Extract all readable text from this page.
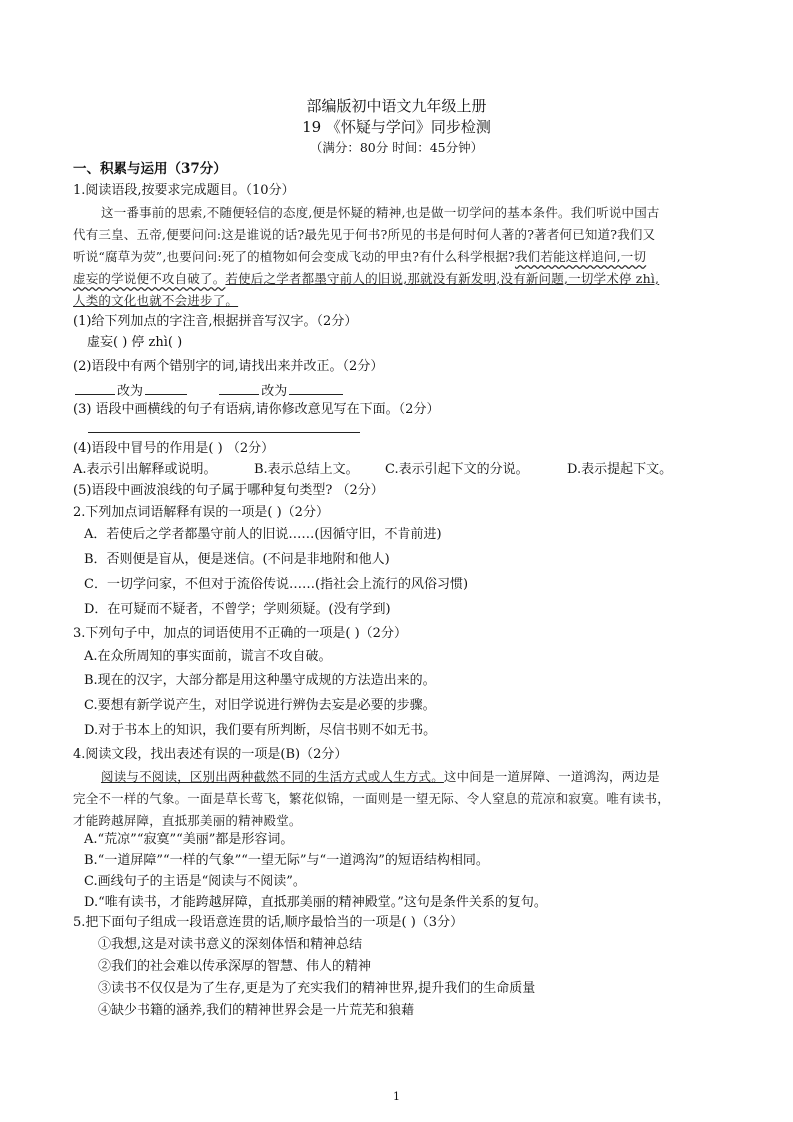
部编版初中语文九年级上册
19 《怀疑与学问》同步检测
（满分：80分 时间：45分钟）
一、积累与运用（37分）
1.阅读语段,按要求完成题目。（10分）
这一番事前的思索,不随便轻信的态度,便是怀疑的精神,也是做一切学问的基本条件。我们听说中国古
代有三皇、五帝,便要问问:这是谁说的话?最先见于何书?所见的书是何时何人著的?著者何已知道?我们又
听说“腐草为荧”,也要问问:死了的植物如何会变成飞动的甲虫?有什么科学根据?我们若能这样追问,一切
虚妄的学说便不攻自破了。若使后之学者都墨守前人的旧说,那就没有新发明,没有新问题,一切学术停 zhì,
人类的文化也就不会进步了。
(1)给下列加点的字注音,根据拼音写汉字。（2分）
虚妄( ) 停 zhì( )
(2)语段中有两个错别字的词,请找出来并改正。（2分）
改为	改为
(3) 语段中画横线的句子有语病,请你修改意见写在下面。（2分）
(4)语段中冒号的作用是( ) （2分）
A.表示引出解释或说明。	B.表示总结上文。 C.表示引起下文的分说。	D.表示提起下文。
(5)语段中画波浪线的句子属于哪种复句类型? （2分）
2.下列加点词语解释有误的一项是( )（2分）
A．若使后之学者都墨守前人的旧说……(因循守旧，不肯前进)
B．否则便是盲从，便是迷信。(不问是非地附和他人)
C．一切学问家，不但对于流俗传说……(指社会上流行的风俗习惯)
D．在可疑而不疑者，不曾学；学则须疑。(没有学到)
3.下列句子中，加点的词语使用不正确的一项是( )（2分）
A.在众所周知的事实面前，谎言不攻自破。
B.现在的汉字，大部分都是用这种墨守成规的方法造出来的。
C.要想有新学说产生，对旧学说进行辨伪去妄是必要的步骤。
D.对于书本上的知识，我们要有所判断，尽信书则不如无书。
4.阅读文段，找出表述有误的一项是(B)（2分）
阅读与不阅读，区别出两种截然不同的生活方式或人生方式。这中间是一道屏障、一道鸿沟，两边是
完全不一样的气象。一面是草长莺飞，繁花似锦，一面则是一望无际、令人窒息的荒凉和寂寞。唯有读书，
才能跨越屏障，直抵那美丽的精神殿堂。
A.“荒凉”“寂寞”“美丽”都是形容词。
B.“一道屏障”“一样的气象”“一望无际”与“一道鸿沟”的短语结构相同。
C.画线句子的主语是“阅读与不阅读”。
D.“唯有读书，才能跨越屏障，直抵那美丽的精神殿堂。”这句是条件关系的复句。
5.把下面句子组成一段语意连贯的话,顺序最恰当的一项是( )（3分）
①我想,这是对读书意义的深刻体悟和精神总结
②我们的社会难以传承深厚的智慧、伟人的精神
③读书不仅仅是为了生存,更是为了充实我们的精神世界,提升我们的生命质量
④缺少书籍的涵养,我们的精神世界会是一片荒芜和狼藉
1
